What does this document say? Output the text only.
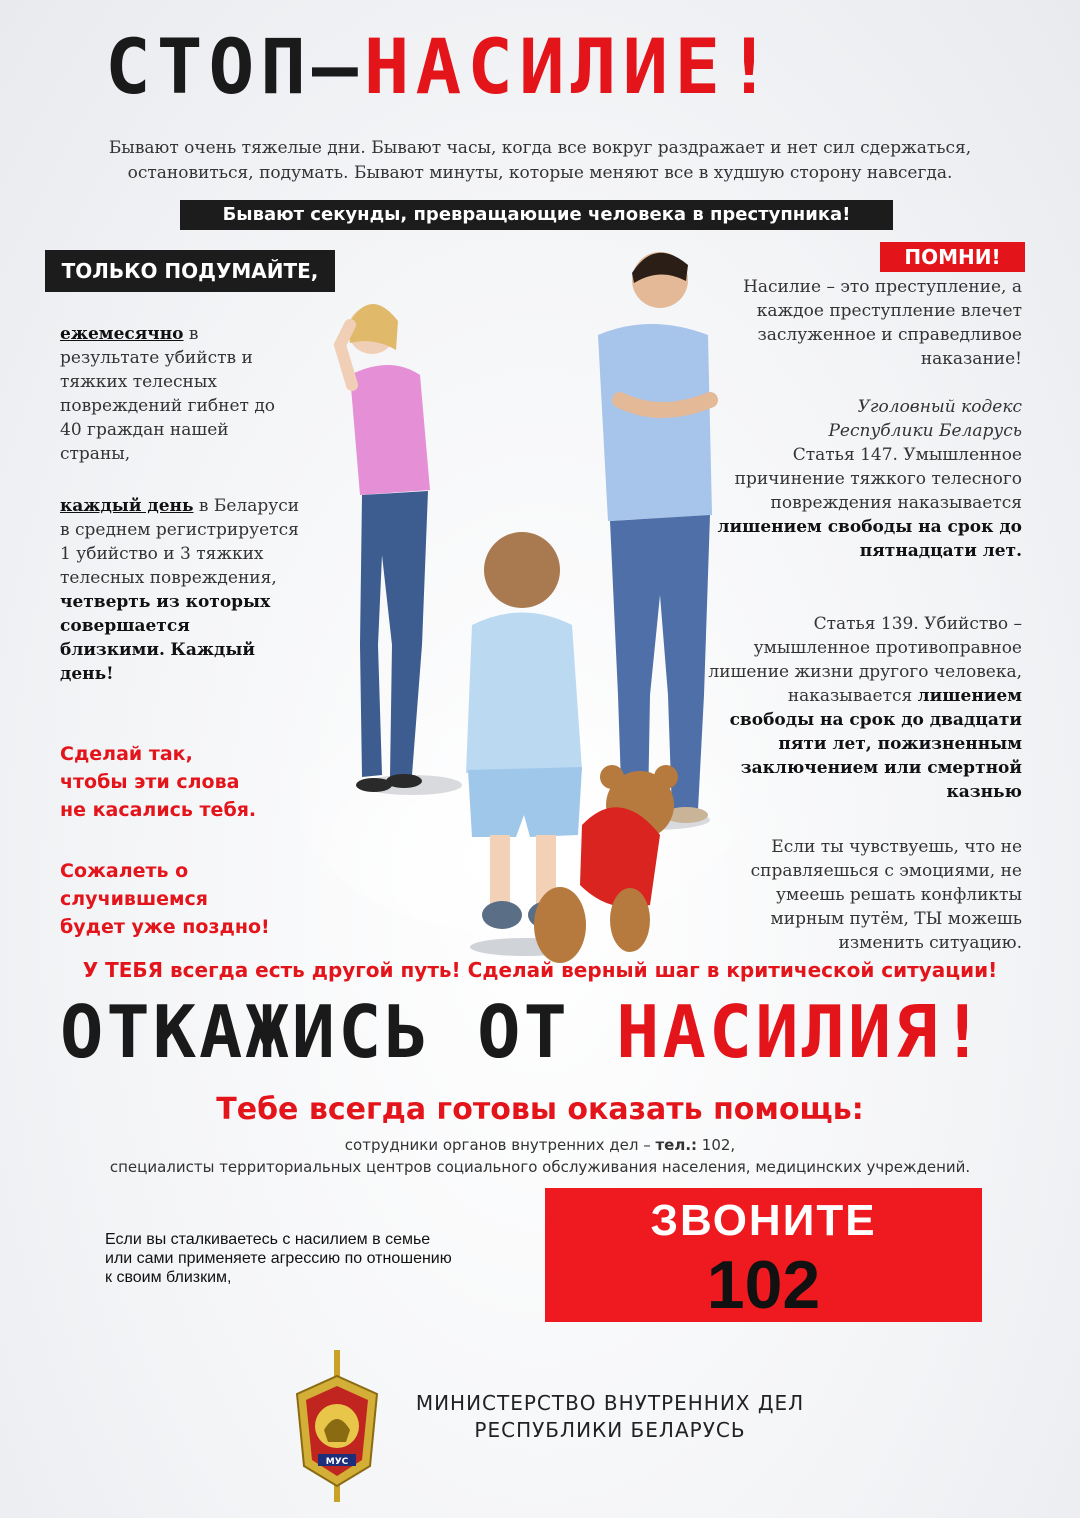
СТОП–НАСИЛИЕ!
Бывают очень тяжелые дни. Бывают часы, когда все вокруг раздражает и нет сил сдержаться,
остановиться, подумать. Бывают минуты, которые меняют все в худшую сторону навсегда.
Бывают секунды, превращающие человека в преступника!
ТОЛЬКО ПОДУМАЙТЕ,
ПОМНИ!
ежемесячно в результате убийств и тяжких телесных повреждений гибнет до 40 граждан нашей страны,
каждый день в Беларуси в среднем регистрируется 1 убийство и 3 тяжких телесных повреждения, четверть из которых совершается близкими. Каждый день!
Сделай так, чтобы эти слова не касались тебя.
Сожалеть о случившемся будет уже поздно!
Насилие – это преступление, а каждое преступление влечет заслуженное и справедливое наказание!
Уголовный кодекс
Республики Беларусь
Статья 147. Умышленное причинение тяжкого телесного повреждения наказывается лишением свободы на срок до пятнадцати лет.
Статья 139. Убийство – умышленное противоправное лишение жизни другого человека, наказывается лишением свободы на срок до двадцати пяти лет, пожизненным заключением или смертной казнью
Если ты чувствуешь, что не справляешься с эмоциями, не умеешь решать конфликты мирным путём, ТЫ можешь изменить ситуацию.
У ТЕБЯ всегда есть другой путь! Сделай верный шаг в критической ситуации!
ОТКАЖИСЬ ОТ НАСИЛИЯ!
Тебе всегда готовы оказать помощь:
сотрудники органов внутренних дел – тел.: 102,
специалисты территориальных центров социального обслуживания населения, медицинских учреждений.
Если вы сталкиваетесь с насилием в семье
или сами применяете агрессию по отношению
к своим близким,
ЗВОНИТЕ
102
МУС
МИНИСТЕРСТВО ВНУТРЕННИХ ДЕЛ
РЕСПУБЛИКИ БЕЛАРУСЬ
